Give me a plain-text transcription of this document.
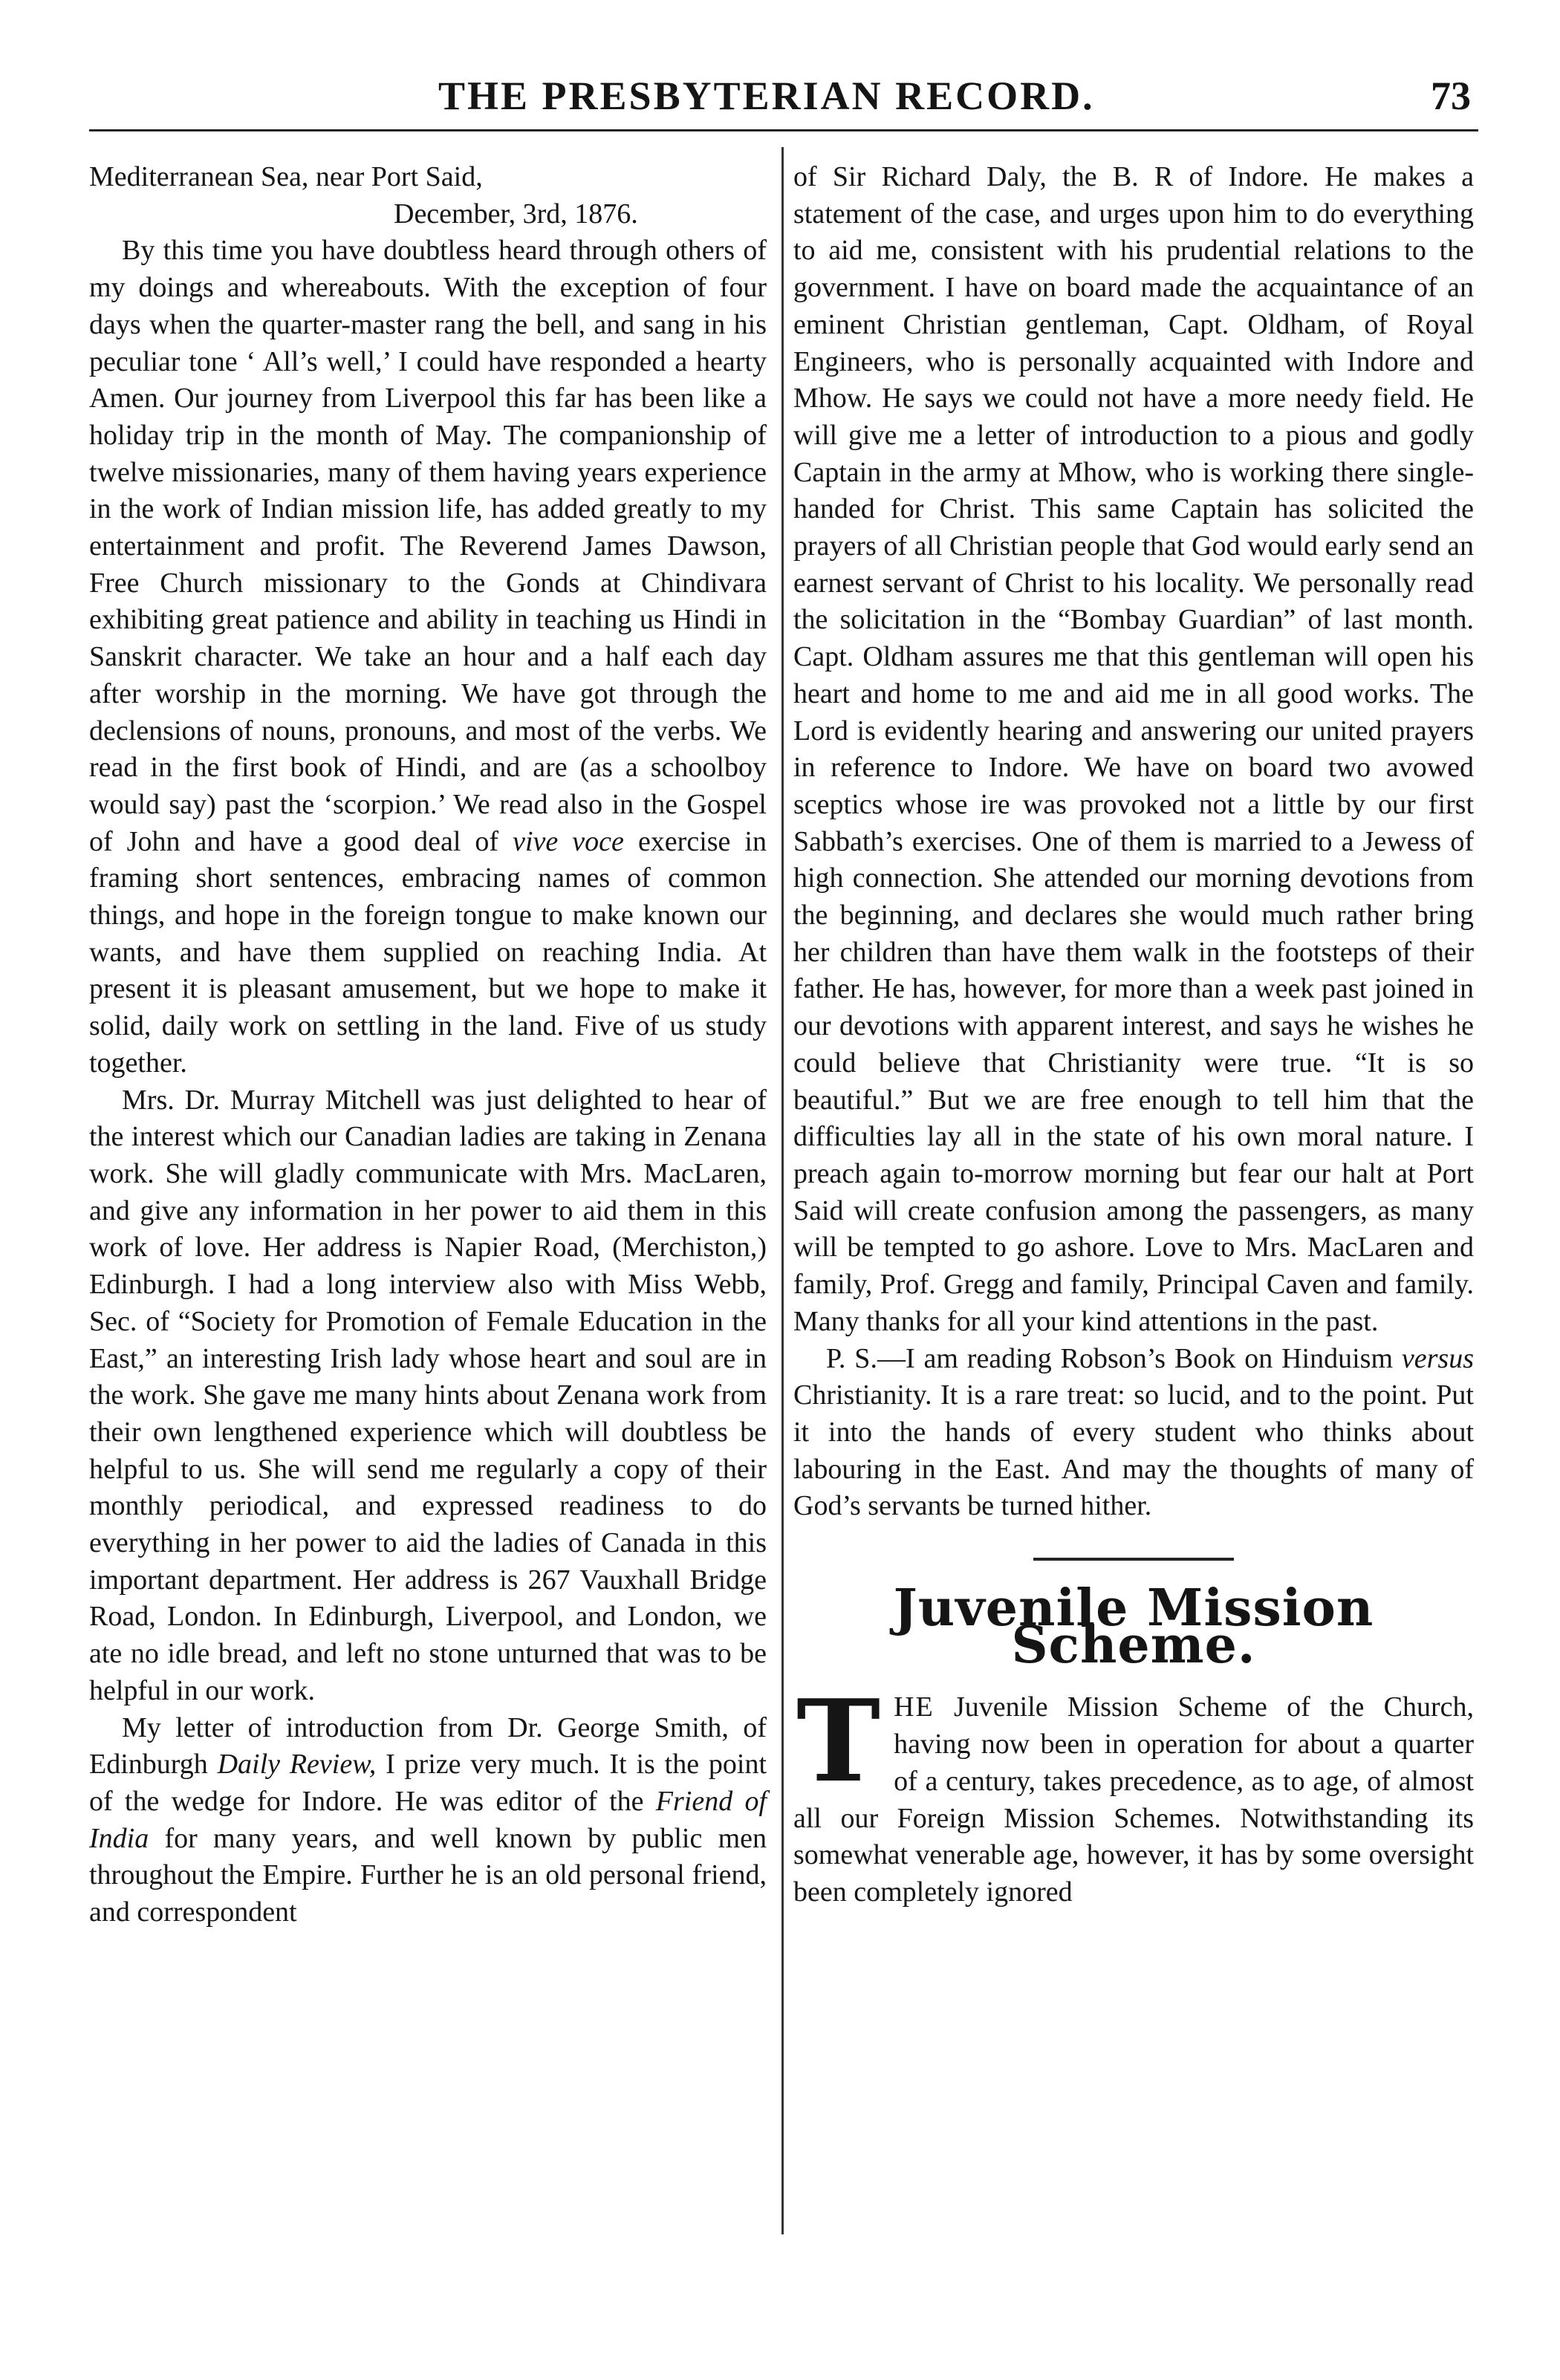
THE PRESBYTERIAN RECORD.	73
Mediterranean Sea, near Port Said,
December, 3rd, 1876.

By this time you have doubtless heard through others of my doings and whereabouts. With the exception of four days when the quarter-master rang the bell, and sang in his peculiar tone ‘ All’s well,’ I could have responded a hearty Amen. Our journey from Liverpool this far has been like a holiday trip in the month of May. The companionship of twelve missionaries, many of them having years experience in the work of Indian mission life, has added greatly to my entertainment and profit. The Reverend James Dawson, Free Church missionary to the Gonds at Chindivara exhibiting great patience and ability in teaching us Hindi in Sanskrit character. We take an hour and a half each day after worship in the morning. We have got through the declensions of nouns, pronouns, and most of the verbs. We read in the first book of Hindi, and are (as a schoolboy would say) past the ‘scorpion.’ We read also in the Gospel of John and have a good deal of vive voce exercise in framing short sentences, embracing names of common things, and hope in the foreign tongue to make known our wants, and have them supplied on reaching India. At present it is pleasant amusement, but we hope to make it solid, daily work on settling in the land. Five of us study together.

Mrs. Dr. Murray Mitchell was just delighted to hear of the interest which our Canadian ladies are taking in Zenana work. She will gladly communicate with Mrs. MacLaren, and give any information in her power to aid them in this work of love. Her address is Napier Road, (Merchiston,) Edinburgh. I had a long interview also with Miss Webb, Sec. of “Society for Promotion of Female Education in the East,” an interesting Irish lady whose heart and soul are in the work. She gave me many hints about Zenana work from their own lengthened experience which will doubtless be helpful to us. She will send me regularly a copy of their monthly periodical, and expressed readiness to do everything in her power to aid the ladies of Canada in this important department. Her address is 267 Vauxhall Bridge Road, London. In Edinburgh, Liverpool, and London, we ate no idle bread, and left no stone unturned that was to be helpful in our work.

My letter of introduction from Dr. George Smith, of Edinburgh Daily Review, I prize very much. It is the point of the wedge for Indore. He was editor of the Friend of India for many years, and well known by public men throughout the Empire. Further he is an old personal friend, and correspondent

of Sir Richard Daly, the B. R of Indore. He makes a statement of the case, and urges upon him to do everything to aid me, consistent with his prudential relations to the government. I have on board made the acquaintance of an eminent Christian gentleman, Capt. Oldham, of Royal Engineers, who is personally acquainted with Indore and Mhow. He says we could not have a more needy field. He will give me a letter of introduction to a pious and godly Captain in the army at Mhow, who is working there single-handed for Christ. This same Captain has solicited the prayers of all Christian people that God would early send an earnest servant of Christ to his locality. We personally read the solicitation in the “Bombay Guardian” of last month. Capt. Oldham assures me that this gentleman will open his heart and home to me and aid me in all good works. The Lord is evidently hearing and answering our united prayers in reference to Indore. We have on board two avowed sceptics whose ire was provoked not a little by our first Sabbath’s exercises. One of them is married to a Jewess of high connection. She attended our morning devotions from the beginning, and declares she would much rather bring her children than have them walk in the footsteps of their father. He has, however, for more than a week past joined in our devotions with apparent interest, and says he wishes he could believe that Christianity were true. “It is so beautiful.” But we are free enough to tell him that the difficulties lay all in the state of his own moral nature. I preach again to-morrow morning but fear our halt at Port Said will create confusion among the passengers, as many will be tempted to go ashore. Love to Mrs. MacLaren and family, Prof. Gregg and family, Principal Caven and family. Many thanks for all your kind attentions in the past.

P. S.—I am reading Robson’s Book on Hinduism versus Christianity. It is a rare treat: so lucid, and to the point. Put it into the hands of every student who thinks about labouring in the East. And may the thoughts of many of God’s servants be turned hither.

Juvenile Mission Scheme.

THE Juvenile Mission Scheme of the Church, having now been in operation for about a quarter of a century, takes precedence, as to age, of almost all our Foreign Mission Schemes. Notwithstanding its somewhat venerable age, however, it has by some oversight been completely ignored
